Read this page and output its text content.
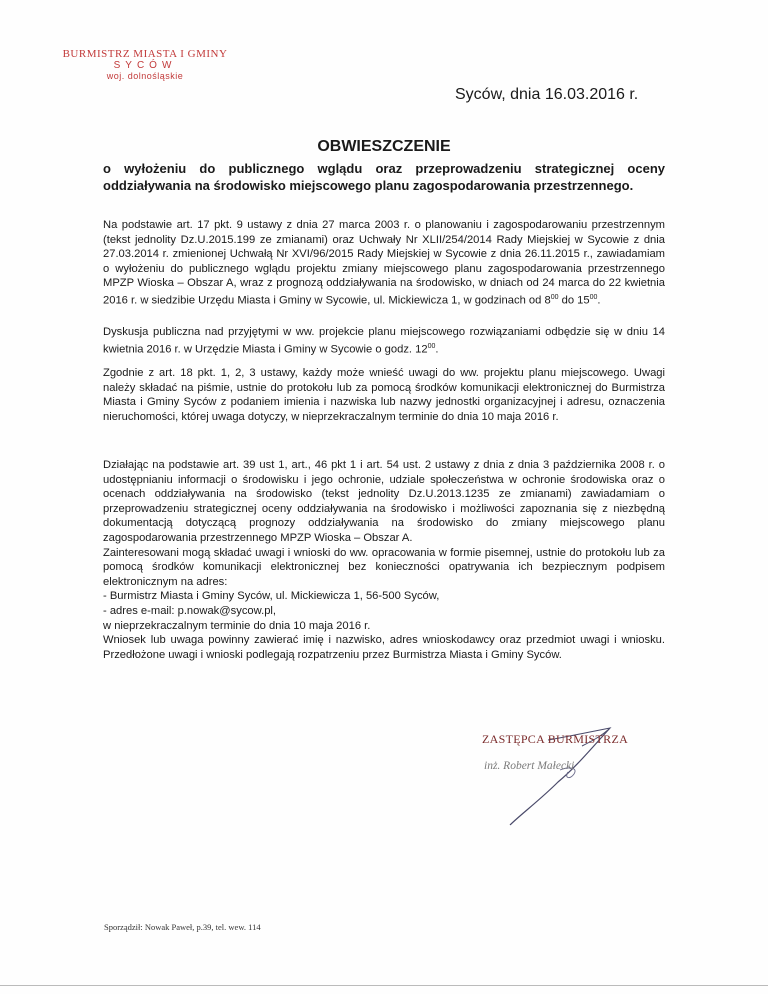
BURMISTRZ MIASTA I GMINY
SYCÓW
woj. dolnośląskie
Syców, dnia 16.03.2016 r.
OBWIESZCZENIE
o wyłożeniu do publicznego wglądu oraz przeprowadzeniu strategicznej oceny oddziaływania na środowisko miejscowego planu zagospodarowania przestrzennego.

Na podstawie art. 17 pkt. 9 ustawy z dnia 27 marca 2003 r. o planowaniu i zagospodarowaniu przestrzennym (tekst jednolity Dz.U.2015.199 ze zmianami) oraz Uchwały Nr XLII/254/2014 Rady Miejskiej w Sycowie z dnia 27.03.2014 r. zmienionej Uchwałą Nr XVI/96/2015 Rady Miejskiej w Sycowie z dnia 26.11.2015 r., zawiadamiam o wyłożeniu do publicznego wglądu projektu zmiany miejscowego planu zagospodarowania przestrzennego MPZP Wioska – Obszar A, wraz z prognozą oddziaływania na środowisko, w dniach od 24 marca do 22 kwietnia 2016 r. w siedzibie Urzędu Miasta i Gminy w Sycowie, ul. Mickiewicza 1, w godzinach od $8^{00}$ do $15^{00}$.

Dyskusja publiczna nad przyjętymi w ww. projekcie planu miejscowego rozwiązaniami odbędzie się w dniu 14 kwietnia 2016 r. w Urzędzie Miasta i Gminy w Sycowie o godz. $12^{00}$.

Zgodnie z art. 18 pkt. 1, 2, 3 ustawy, każdy może wnieść uwagi do ww. projektu planu miejscowego. Uwagi należy składać na piśmie, ustnie do protokołu lub za pomocą środków komunikacji elektronicznej do Burmistrza Miasta i Gminy Syców z podaniem imienia i nazwiska lub nazwy jednostki organizacyjnej i adresu, oznaczenia nieruchomości, której uwaga dotyczy, w nieprzekraczalnym terminie do dnia 10 maja 2016 r.

Działając na podstawie art. 39 ust 1, art., 46 pkt 1 i art. 54 ust. 2 ustawy z dnia z dnia 3 października 2008 r. o udostępnianiu informacji o środowisku i jego ochronie, udziale społeczeństwa w ochronie środowiska oraz o ocenach oddziaływania na środowisko (tekst jednolity Dz.U.2013.1235 ze zmianami) zawiadamiam o przeprowadzeniu strategicznej oceny oddziaływania na środowisko i możliwości zapoznania się z niezbędną dokumentacją dotyczącą prognozy oddziaływania na środowisko do zmiany miejscowego planu zagospodarowania przestrzennego MPZP Wioska – Obszar A.
Zainteresowani mogą składać uwagi i wnioski do ww. opracowania w formie pisemnej, ustnie do protokołu lub za pomocą środków komunikacji elektronicznej bez konieczności opatrywania ich bezpiecznym podpisem elektronicznym na adres:
- Burmistrz Miasta i Gminy Syców, ul. Mickiewicza 1, 56-500 Syców,
- adres e-mail: p.nowak@sycow.pl,
w nieprzekraczalnym terminie do dnia 10 maja 2016 r.
Wniosek lub uwaga powinny zawierać imię i nazwisko, adres wnioskodawcy oraz przedmiot uwagi i wniosku. Przedłożone uwagi i wnioski podlegają rozpatrzeniu przez Burmistrza Miasta i Gminy Syców.
ZASTĘPCA BURMISTRZA
inż. Robert Małecki
Sporządził: Nowak Paweł, p.39, tel. wew. 114
